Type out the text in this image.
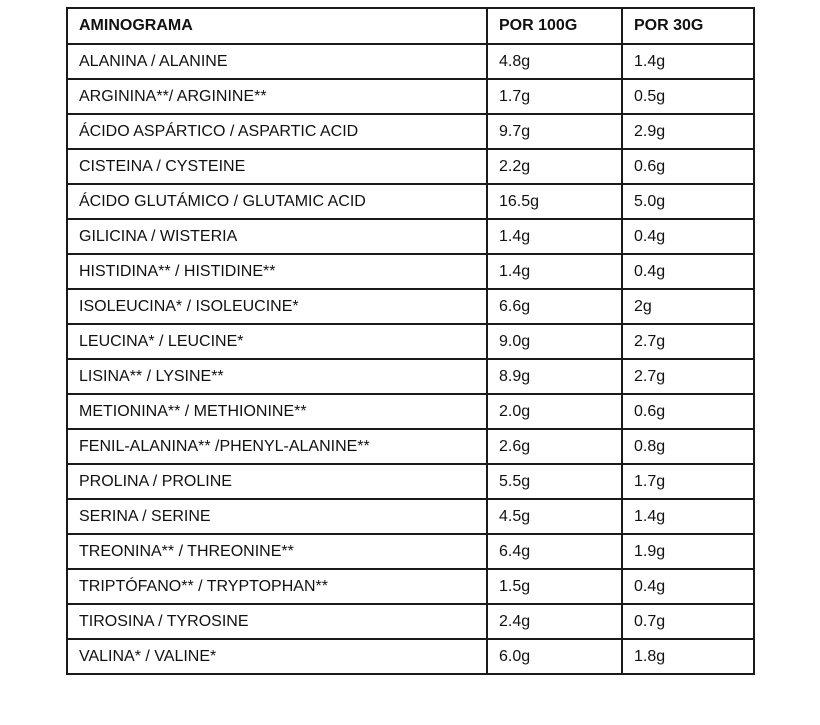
AMINOGRAMA	POR 100G	POR 30G
ALANINA / ALANINE	4.8g	1.4g
ARGININA**/ ARGININE**	1.7g	0.5g
ÁCIDO ASPÁRTICO / ASPARTIC ACID	9.7g	2.9g
CISTEINA / CYSTEINE	2.2g	0.6g
ÁCIDO GLUTÁMICO / GLUTAMIC ACID	16.5g	5.0g
GILICINA / WISTERIA	1.4g	0.4g
HISTIDINA** / HISTIDINE**	1.4g	0.4g
ISOLEUCINA* / ISOLEUCINE*	6.6g	2g
LEUCINA* / LEUCINE*	9.0g	2.7g
LISINA** / LYSINE**	8.9g	2.7g
METIONINA** / METHIONINE**	2.0g	0.6g
FENIL-ALANINA** /PHENYL-ALANINE**	2.6g	0.8g
PROLINA / PROLINE	5.5g	1.7g
SERINA / SERINE	4.5g	1.4g
TREONINA** / THREONINE**	6.4g	1.9g
TRIPTÓFANO** / TRYPTOPHAN**	1.5g	0.4g
TIROSINA / TYROSINE	2.4g	0.7g
VALINA* / VALINE*	6.0g	1.8g
